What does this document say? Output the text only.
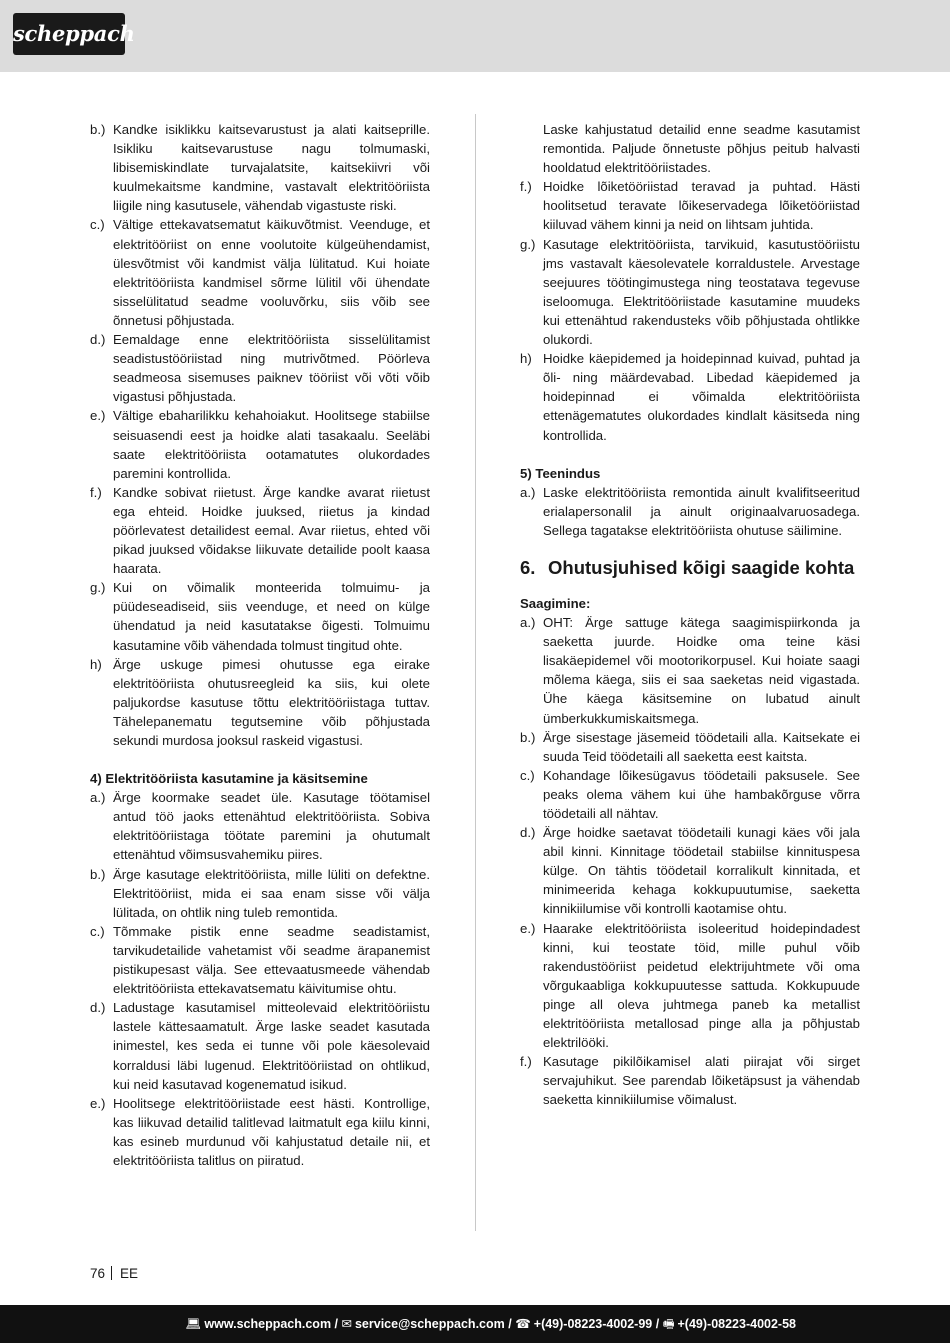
scheppach
b.) Kandke isiklikku kaitsevarustust ja alati kaitseprille. Isikliku kaitsevarustuse nagu tolmumaski, libisemiskindlate turvajalatsite, kaitsekiivri või kuulmekaitsme kandmine, vastavalt elektritööriista liigile ning kasutusele, vähendab vigastuste riski.
c.) Vältige ettekavatsematut käikuvõtmist. Veenduge, et elektritööriist on enne voolutoite külgeühendamist, ülesvõtmist või kandmist välja lülitatud. Kui hoiate elektritööriista kandmisel sõrme lülitil või ühendate sisselülitatud seadme vooluvõrku, siis võib see õnnetusi põhjustada.
d.) Eemaldage enne elektritööriista sisselülitamist seadistustööriistad ning mutrivõtmed. Pöörleva seadmeosa sisemuses paiknev tööriist või võti võib vigastusi põhjustada.
e.) Vältige ebaharilikku kehahoiakut. Hoolitsege stabiilse seisuasendi eest ja hoidke alati tasakaalu. Seeläbi saate elektritööriista ootamatutes olukordades paremini kontrollida.
f.) Kandke sobivat riietust. Ärge kandke avarat riietust ega ehteid. Hoidke juuksed, riietus ja kindad pöörlevatest detailidest eemal. Avar riietus, ehted või pikad juuksed võidakse liikuvate detailide poolt kaasa haarata.
g.) Kui on võimalik monteerida tolmuimu- ja püüdeseadiseid, siis veenduge, et need on külge ühendatud ja neid kasutatakse õigesti. Tolmuimu kasutamine võib vähendada tolmust tingitud ohte.
h) Ärge uskuge pimesi ohutusse ega eirake elektritööriista ohutusreegleid ka siis, kui olete paljukordse kasutuse tõttu elektritööriistaga tuttav. Tähelepanematu tegutsemine võib põhjustada sekundi murdosa jooksul raskeid vigastusi.
4) Elektritööriista kasutamine ja käsitsemine
a.) Ärge koormake seadet üle. Kasutage töötamisel antud töö jaoks ettenähtud elektritööriista. Sobiva elektritööriistaga töötate paremini ja ohutumalt ettenähtud võimsusvahemiku piires.
b.) Ärge kasutage elektritööriista, mille lüliti on defektne. Elektritööriist, mida ei saa enam sisse või välja lülitada, on ohtlik ning tuleb remontida.
c.) Tõmmake pistik enne seadme seadistamist, tarvikudetailide vahetamist või seadme ärapanemist pistikupesast välja. See ettevaatusmeede vähendab elektritööriista ettekavatsematu käivitumise ohtu.
d.) Ladustage kasutamisel mitteolevaid elektritööriistu lastele kättesaamatult. Ärge laske seadet kasutada inimestel, kes seda ei tunne või pole käesolevaid korraldusi läbi lugenud. Elektritööriistad on ohtlikud, kui neid kasutavad kogenematud isikud.
e.) Hoolitsege elektritööriistade eest hästi. Kontrollige, kas liikuvad detailid talitlevad laitmatult ega kiilu kinni, kas esineb murdunud või kahjustatud detaile nii, et elektritööriista talitlus on piiratud.
Laske kahjustatud detailid enne seadme kasutamist remontida. Paljude õnnetuste põhjus peitub halvasti hooldatud elektritööriistades.
f.) Hoidke lõiketööriistad teravad ja puhtad. Hästi hoolitsetud teravate lõikeservadega lõiketööriistad kiiluvad vähem kinni ja neid on lihtsam juhtida.
g.) Kasutage elektritööriista, tarvikuid, kasutustööriistu jms vastavalt käesolevatele korraldustele. Arvestage seejuures töötingimustega ning teostatava tegevuse iseloomuga. Elektritööriistade kasutamine muudeks kui ettenähtud rakendusteks võib põhjustada ohtlikke olukordi.
h) Hoidke käepidemed ja hoidepinnad kuivad, puhtad ja õli- ning määrdevabad. Libedad käepidemed ja hoidepinnad ei võimalda elektritööriista ettenägematutes olukordades kindlalt käsitseda ning kontrollida.
5) Teenindus
a.) Laske elektritööriista remontida ainult kvalifitseeritud erialapersonalil ja ainult originaalvaruosadega. Sellega tagatakse elektritööriista ohutuse säilimine.
6. Ohutusjuhised kõigi saagide kohta
Saagimine:
a.) OHT: Ärge sattuge kätega saagimispiirkonda ja saeketta juurde. Hoidke oma teine käsi lisakäepidemel või mootorikorpusel. Kui hoiate saagi mõlema käega, siis ei saa saeketas neid vigastada. Ühe käega käsitsemine on lubatud ainult ümberkukkumiskaitsmega.
b.) Ärge sisestage jäsemeid töödetaili alla. Kaitsekate ei suuda Teid töödetaili all saeketta eest kaitsta.
c.) Kohandage lõikesügavus töödetaili paksusele. See peaks olema vähem kui ühe hambakõrguse võrra töödetaili all nähtav.
d.) Ärge hoidke saetavat töödetaili kunagi käes või jala abil kinni. Kinnitage töödetail stabiilse kinnituspesa külge. On tähtis töödetail korralikult kinnitada, et minimeerida kehaga kokkupuutumise, saeketta kinnikiilumise või kontrolli kaotamise ohtu.
e.) Haarake elektritööriista isoleeritud hoidepindadest kinni, kui teostate töid, mille puhul võib rakendustööriist peidetud elektrijuhtmete või oma võrgukaabliga kokkupuutesse sattuda. Kokkupuude pinge all oleva juhtmega paneb ka metallist elektritööriista metallosad pinge alla ja põhjustab elektrilööki.
f.) Kasutage pikilõikamisel alati piirajat või sirget servajuhikut. See parendab lõiketäpsust ja vähendab saeketta kinnikiilumise võimalust.
76 EE
💻︎ www.scheppach.com / ✉︎ service@scheppach.com / ☎︎ +(49)-08223-4002-99 / 🖷︎ +(49)-08223-4002-58
